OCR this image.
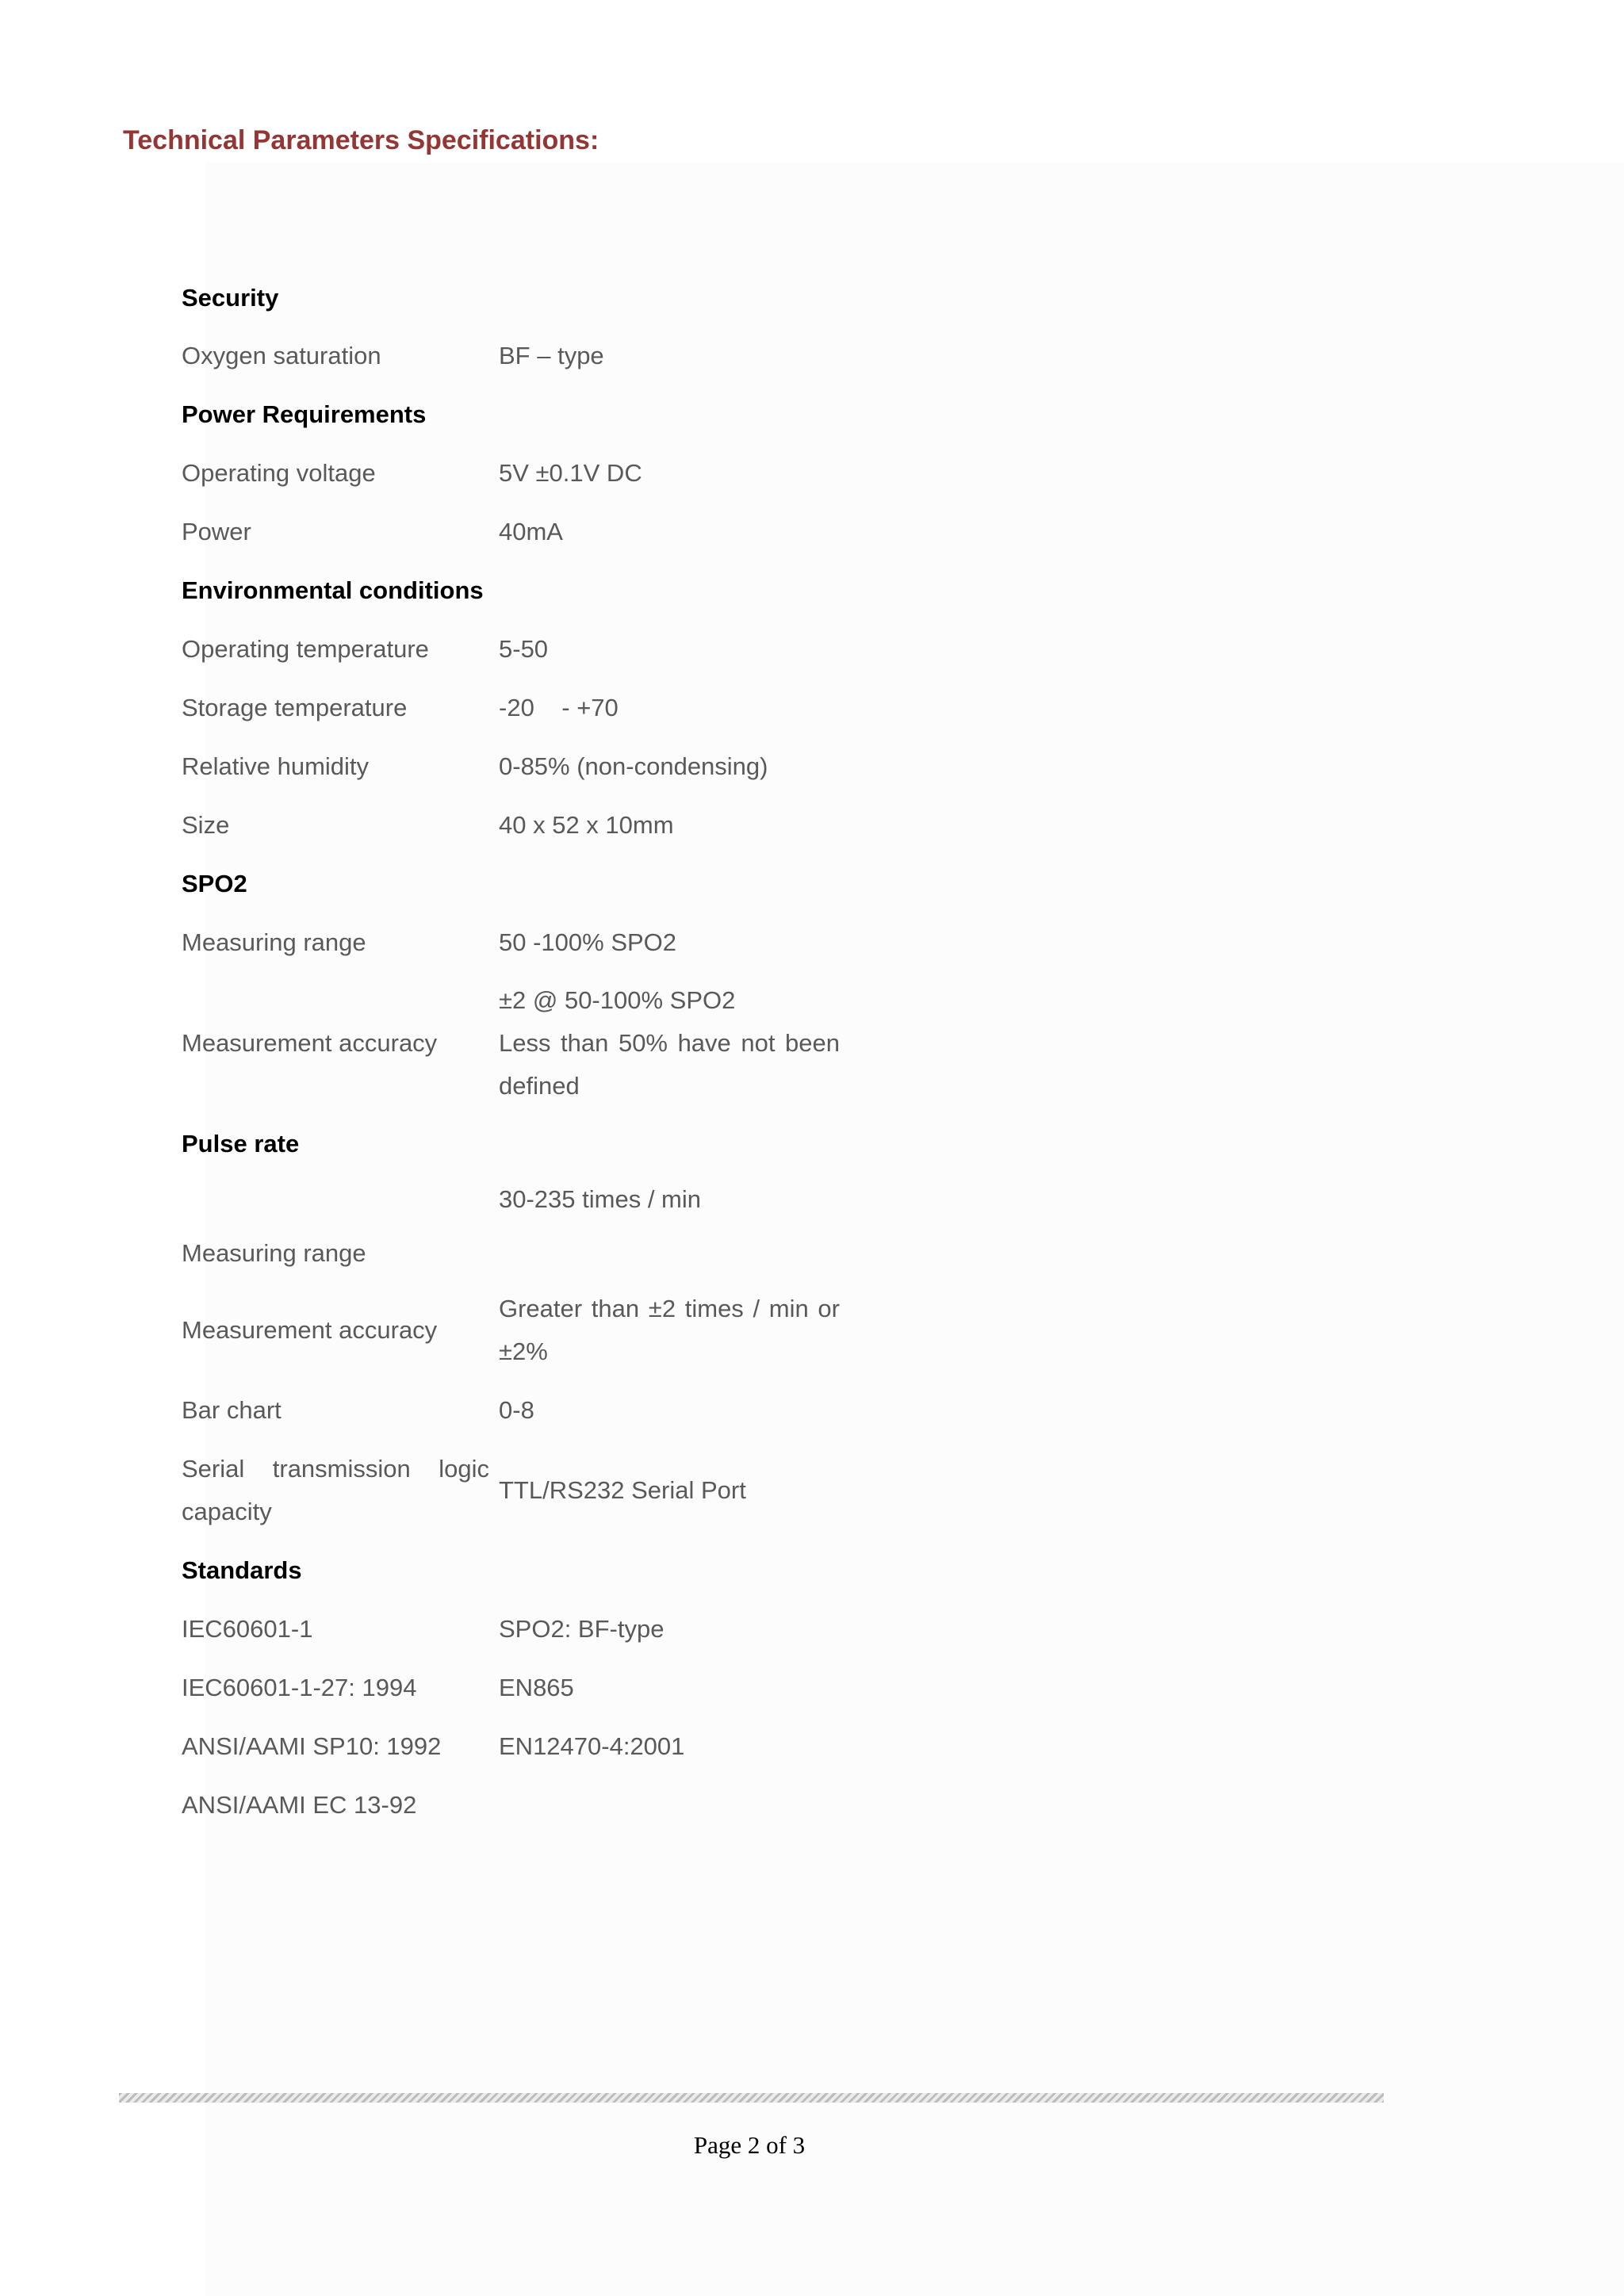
Technical Parameters Specifications:
Security	
Oxygen saturation	BF – type
Power Requirements	
Operating voltage	5V ±0.1V DC
Power	40mA
Environmental conditions	
Operating temperature	5-50
Storage temperature	-20    - +70
Relative humidity	0-85% (non-condensing)
Size	40 x 52 x 10mm
SPO2	
Measuring range	50 -100% SPO2
Measurement accuracy	±2 @ 50-100% SPO2
Less than 50% have not been
defined

Pulse rate	
Measuring range	30-235 times / min
Measurement accuracy	Greater than ±2 times / min or
±2%

Bar chart	0-8

Serial transmission logic
capacity	TTL/RS232 Serial Port
Standards	
IEC60601-1	SPO2: BF-type
IEC60601-1-27: 1994	EN865
ANSI/AAMI SP10: 1992	EN12470-4:2001
ANSI/AAMI EC 13-92	
Page 2 of 3
